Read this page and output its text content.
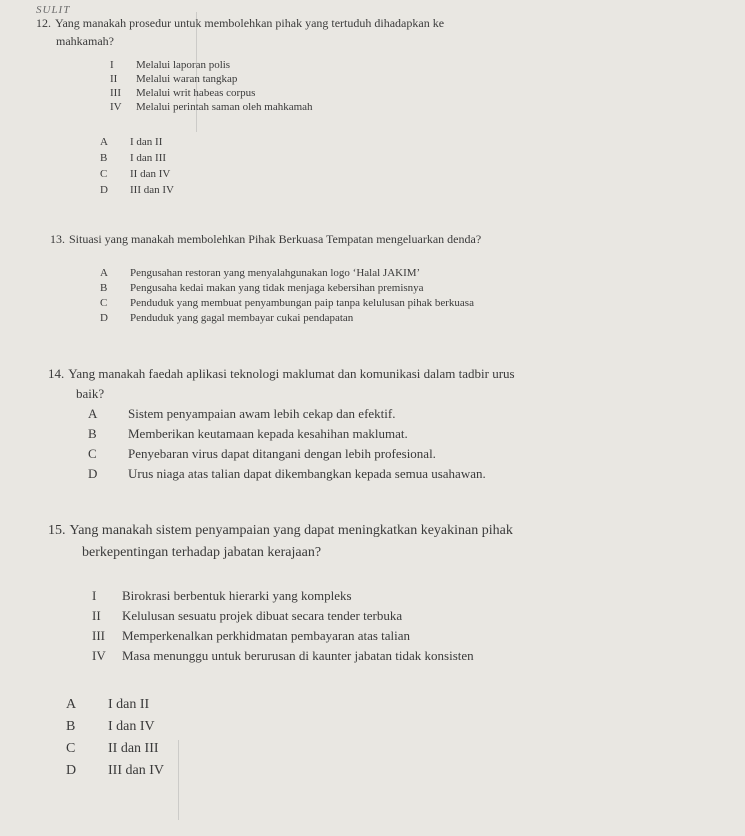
SULIT
12. Yang manakah prosedur untuk membolehkan pihak yang tertuduh dihadapkan ke
mahkamah?
I	Melalui laporan polis
II	Melalui waran tangkap
III	Melalui writ habeas corpus
IV	Melalui perintah saman oleh mahkamah
A	I dan II
B	I dan III
C	II dan IV
D	III dan IV
13. Situasi yang manakah membolehkan Pihak Berkuasa Tempatan mengeluarkan denda?
A	Pengusahan restoran yang menyalahgunakan logo ‘Halal JAKIM’
B	Pengusaha kedai makan yang tidak menjaga kebersihan premisnya
C	Penduduk yang membuat penyambungan paip tanpa kelulusan pihak berkuasa
D	Penduduk yang gagal membayar cukai pendapatan
14. Yang manakah faedah aplikasi teknologi maklumat dan komunikasi dalam tadbir urus
baik?
A	Sistem penyampaian awam lebih cekap dan efektif.
B	Memberikan keutamaan kepada kesahihan maklumat.
C	Penyebaran virus dapat ditangani dengan lebih profesional.
D	Urus niaga atas talian dapat dikembangkan kepada semua usahawan.
15. Yang manakah sistem penyampaian yang dapat meningkatkan keyakinan pihak
berkepentingan terhadap jabatan kerajaan?
I	Birokrasi berbentuk hierarki yang kompleks
II	Kelulusan sesuatu projek dibuat secara tender terbuka
III	Memperkenalkan perkhidmatan pembayaran atas talian
IV	Masa menunggu untuk berurusan di kaunter jabatan tidak konsisten
A	I dan II
B	I dan IV
C	II dan III
D	III dan IV
